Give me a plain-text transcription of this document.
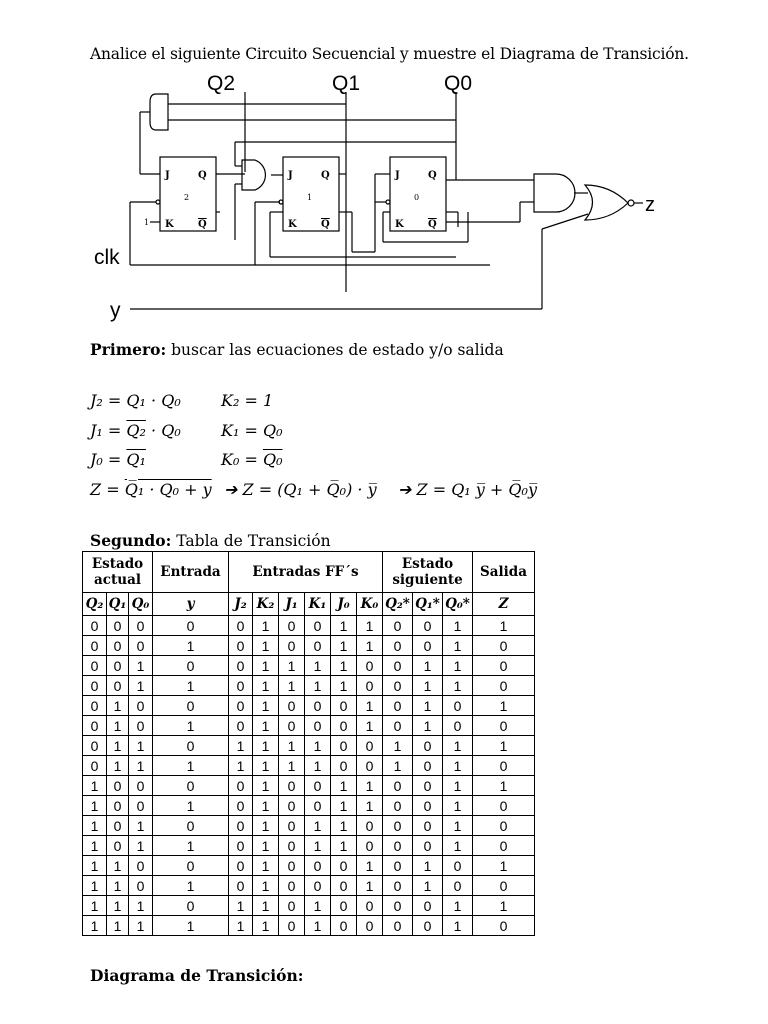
Analice el siguiente Circuito Secuencial y muestre el Diagrama de Transición.
Q2	Q1	Q0
clk
y
z
J	Q
2
K Q
1
J	Q
1
K Q
J	Q
0
K Q
Primero: buscar las ecuaciones de estado y/o salida
J₂ = Q₁ · Q₀	K₂ = 1
J₁ = Q₂ · Q₀	K₁ = Q₀
J₀ = Q₁	K₀ = Q₀
Z = Q̅₁ · Q₀ + y ➔ Z = (Q₁ + Q̅₀) · y̅ ➔ Z = Q₁ y̅ + Q̅₀y̅
Segundo: Tabla de Transición
Estado actual			Entrada	Entradas FF´s						Estado siguiente			Salida
Q₂	Q₁	Q₀	y	J₂	K₂	J₁	K₁	J₀	K₀	Q₂*	Q₁*	Q₀*	Z
0	0	0	0	0	1	0	0	1	1	0	0	1	1
0	0	0	1	0	1	0	0	1	1	0	0	1	0
0	0	1	0	0	1	1	1	1	0	0	1	1	0
0	0	1	1	0	1	1	1	1	0	0	1	1	0
0	1	0	0	0	1	0	0	0	1	0	1	0	1
0	1	0	1	0	1	0	0	0	1	0	1	0	0
0	1	1	0	1	1	1	1	0	0	1	0	1	1
0	1	1	1	1	1	1	1	0	0	1	0	1	0
1	0	0	0	0	1	0	0	1	1	0	0	1	1
1	0	0	1	0	1	0	0	1	1	0	0	1	0
1	0	1	0	0	1	0	1	1	0	0	0	1	0
1	0	1	1	0	1	0	1	1	0	0	0	1	0
1	1	0	0	0	1	0	0	0	1	0	1	0	1
1	1	0	1	0	1	0	0	0	1	0	1	0	0
1	1	1	0	1	1	0	1	0	0	0	0	1	1
1	1	1	1	1	1	0	1	0	0	0	0	1	0
Diagrama de Transición:
